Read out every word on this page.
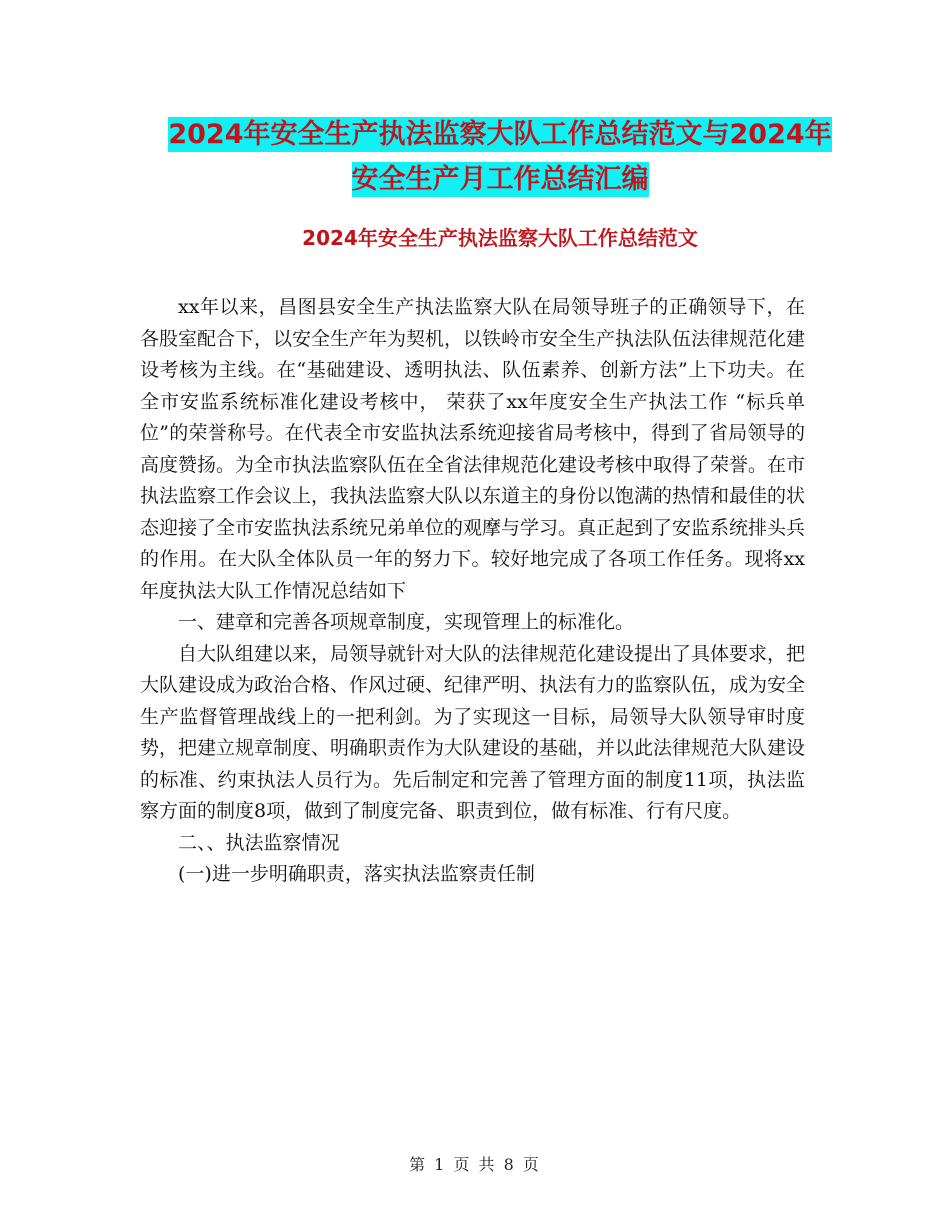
2024年安全生产执法监察大队工作总结范文与2024年
安全生产月工作总结汇编
2024年安全生产执法监察大队工作总结范文

xx年以来，昌图县安全生产执法监察大队在局领导班子的正确领导下，在各股室配合下，以安全生产年为契机，以铁岭市安全生产执法队伍法律规范化建设考核为主线。在“基础建设、透明执法、队伍素养、创新方法”上下功夫。在全市安监系统标准化建设考核中， 荣获了xx年度安全生产执法工作 “标兵单位”的荣誉称号。在代表全市安监执法系统迎接省局考核中，得到了省局领导的高度赞扬。为全市执法监察队伍在全省法律规范化建设考核中取得了荣誉。在市执法监察工作会议上，我执法监察大队以东道主的身份以饱满的热情和最佳的状态迎接了全市安监执法系统兄弟单位的观摩与学习。真正起到了安监系统排头兵的作用。在大队全体队员一年的努力下。较好地完成了各项工作任务。现将xx年度执法大队工作情况总结如下

一、建章和完善各项规章制度，实现管理上的标准化。

自大队组建以来，局领导就针对大队的法律规范化建设提出了具体要求，把大队建设成为政治合格、作风过硬、纪律严明、执法有力的监察队伍，成为安全生产监督管理战线上的一把利剑。为了实现这一目标，局领导大队领导审时度势，把建立规章制度、明确职责作为大队建设的基础，并以此法律规范大队建设的标准、约束执法人员行为。先后制定和完善了管理方面的制度11项，执法监察方面的制度8项，做到了制度完备、职责到位，做有标准、行有尺度。

二、、执法监察情况

(一)进一步明确职责，落实执法监察责任制

第 1 页 共 8 页
